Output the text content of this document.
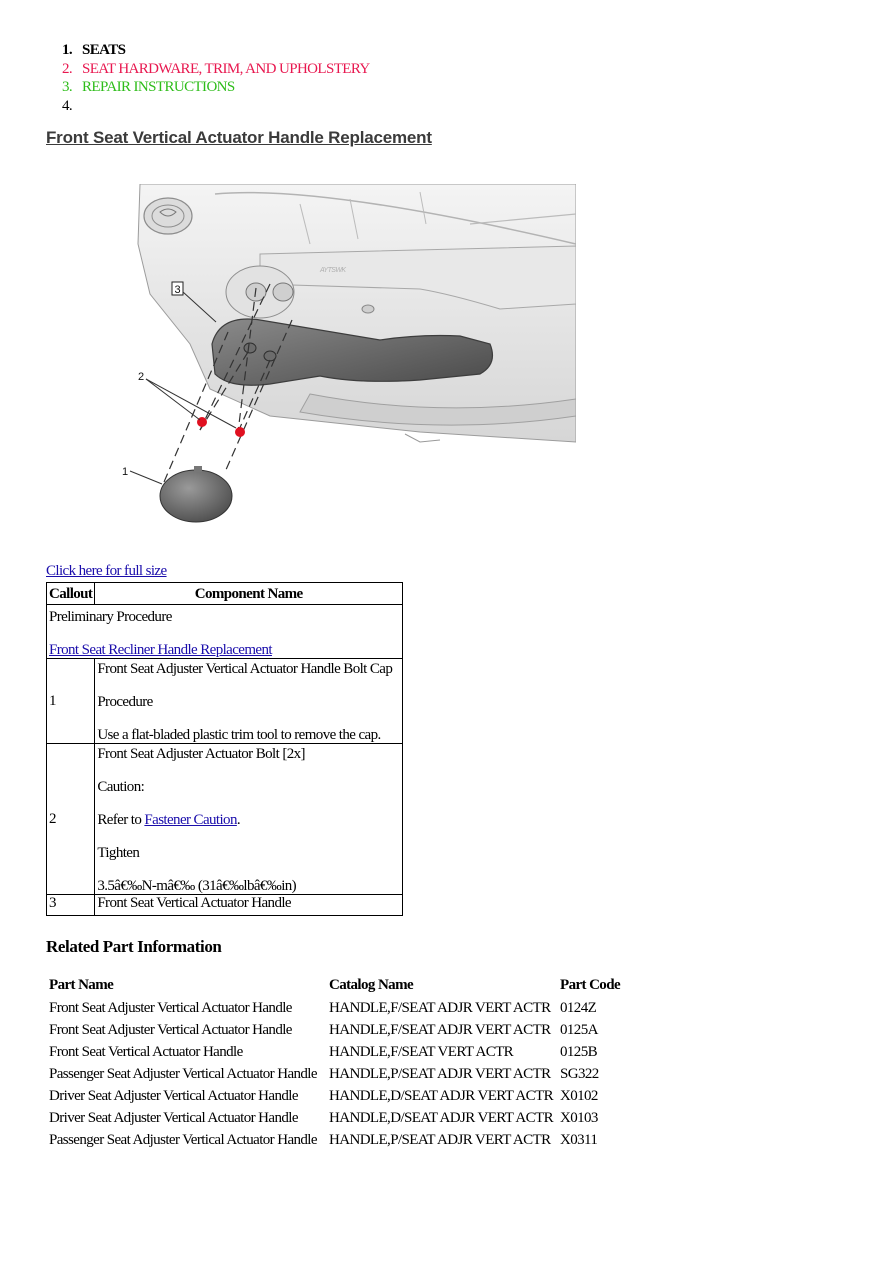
1. SEATS
2. SEAT HARDWARE, TRIM, AND UPHOLSTERY
3. REPAIR INSTRUCTIONS
4.
Front Seat Vertical Actuator Handle Replacement
AYTSWK
3
2
1
Click here for full size
Callout	Component Name

Preliminary Procedure
Front Seat Recliner Handle Replacement	
1	Front Seat Adjuster Vertical Actuator Handle Bolt Cap
Procedure
Use a flat-bladed plastic trim tool to remove the cap.

2	Front Seat Adjuster Actuator Bolt [2x]
Caution:
Refer to Fastener Caution.
Tighten
3.5â€‰N-mâ€‰ (31â€‰lbâ€‰in)

3	Front Seat Vertical Actuator Handle
Related Part Information
Part Name	Catalog Name	Part Code
Front Seat Adjuster Vertical Actuator Handle	HANDLE,F/SEAT ADJR VERT ACTR	0124Z
Front Seat Adjuster Vertical Actuator Handle	HANDLE,F/SEAT ADJR VERT ACTR	0125A
Front Seat Vertical Actuator Handle	HANDLE,F/SEAT VERT ACTR	0125B
Passenger Seat Adjuster Vertical Actuator Handle	HANDLE,P/SEAT ADJR VERT ACTR	SG322
Driver Seat Adjuster Vertical Actuator Handle	HANDLE,D/SEAT ADJR VERT ACTR	X0102
Driver Seat Adjuster Vertical Actuator Handle	HANDLE,D/SEAT ADJR VERT ACTR	X0103
Passenger Seat Adjuster Vertical Actuator Handle	HANDLE,P/SEAT ADJR VERT ACTR	X0311
